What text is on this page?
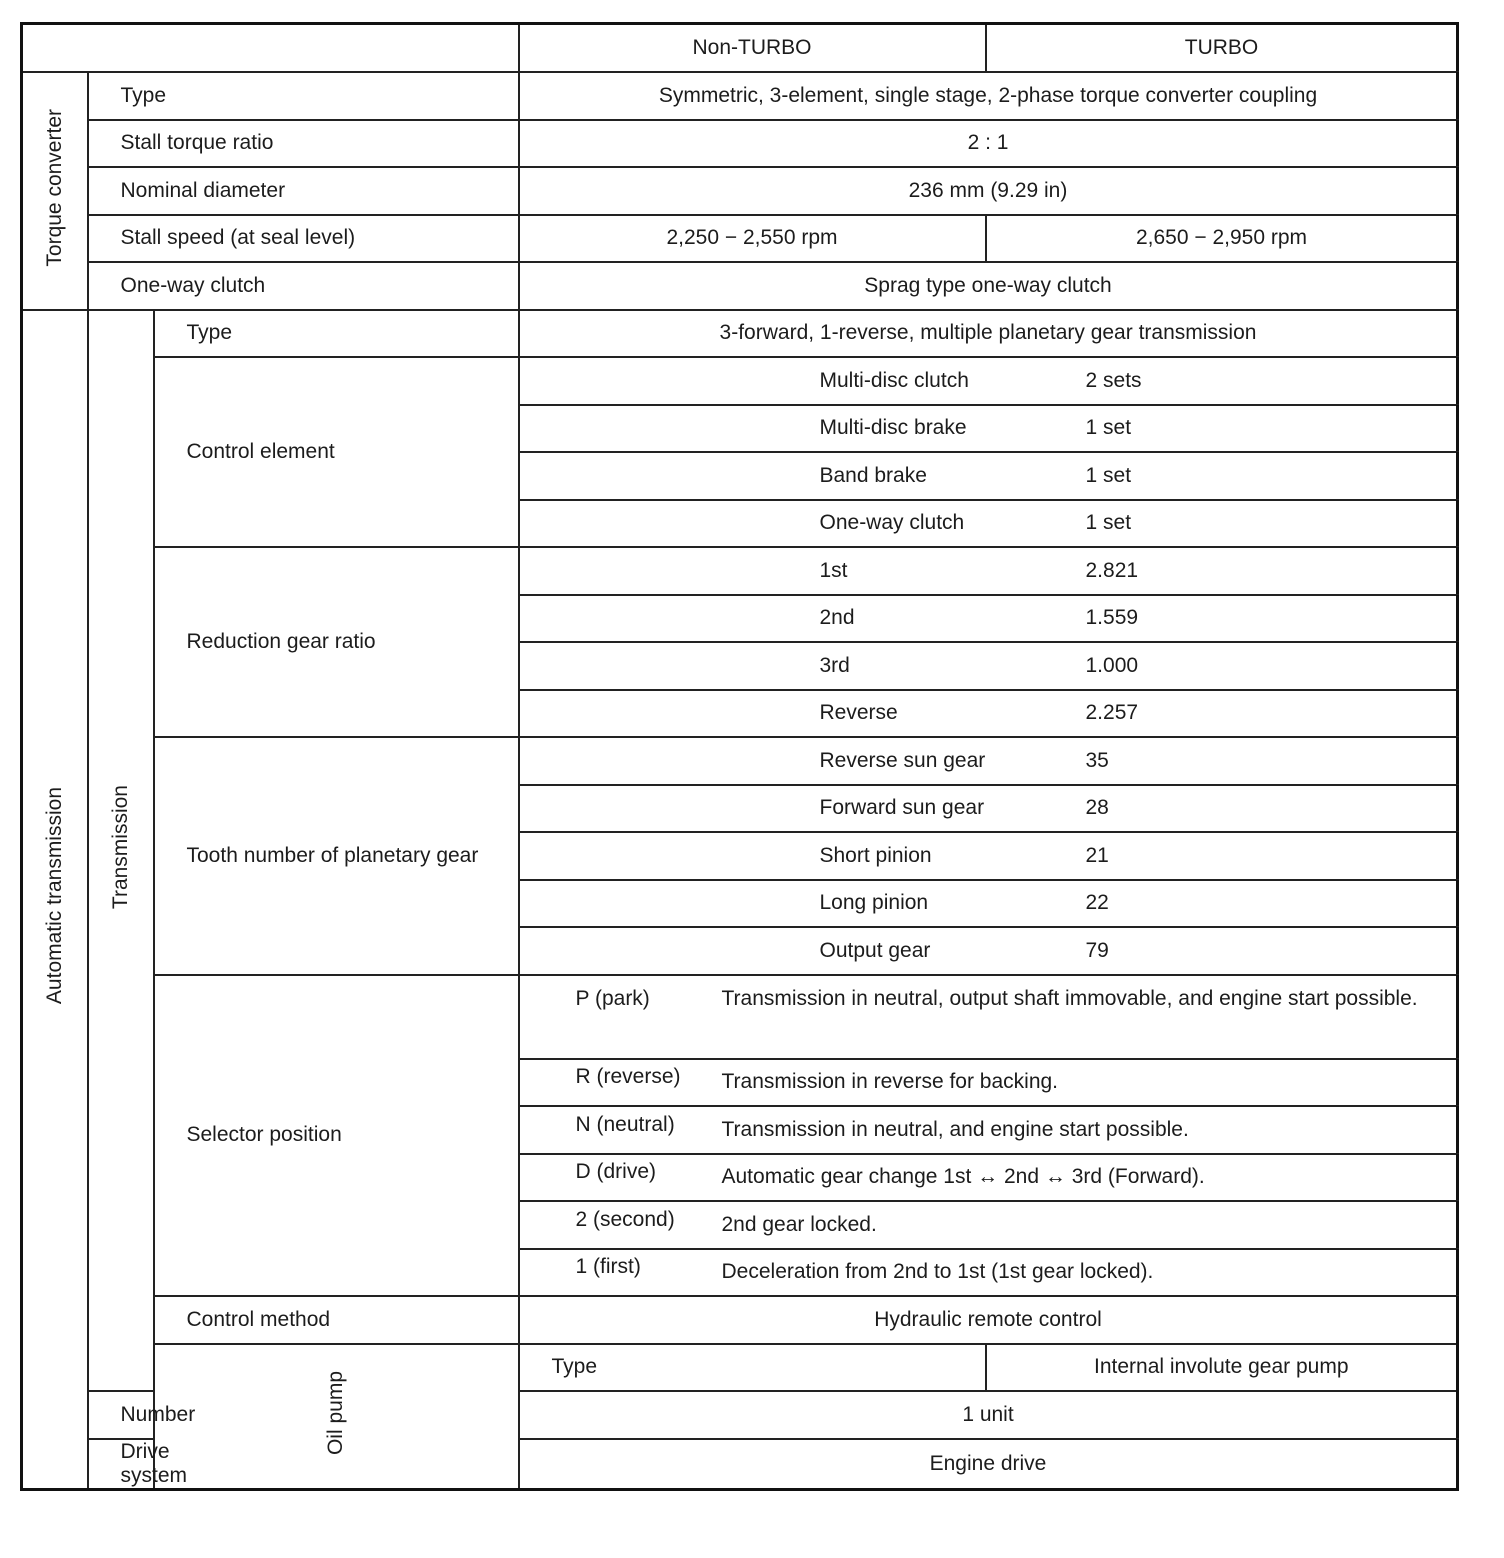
			Non-TURBO	TURBO
Torque converter	Type		Symmetric, 3-element, single stage, 2-phase torque converter coupling	
	Stall torque ratio		2 : 1	
	Nominal diameter		236 mm (9.29 in)	
	Stall speed (at seal level)		2,250 − 2,550 rpm	2,650 − 2,950 rpm
	One-way clutch		Sprag type one-way clutch	
Automatic transmission	Transmission	Type	3-forward, 1-reverse, multiple planetary gear transmission	
		Control element	Multi-disc clutch 2 sets	

			Multi-disc brake 1 set	

			Band brake 1 set	

			One-way clutch 1 set	

		Reduction gear ratio	1st 2.821	

			2nd 1.559	

			3rd 1.000	

			Reverse 2.257	

		Tooth number of planetary gear	Reverse sun gear 35	

			Forward sun gear 28	

			Short pinion 21	

			Long pinion 22	

			Output gear 79	

		Selector position	P (park) Transmission in neutral, output shaft immovable, and engine start possible.	

			R (reverse) Transmission in reverse for backing.	

			N (neutral) Transmission in neutral, and engine start possible.	

			D (drive) Automatic gear change 1st ↔ 2nd ↔ 3rd (Forward).	

			2 (second) 2nd gear locked.	

			1 (first) Deceleration from 2nd to 1st (1st gear locked).	

		Control method	Hydraulic remote control	
		Oil pump	Type	Internal involute gear pump
	Number		1 unit	
	Drive system		Engine drive	
